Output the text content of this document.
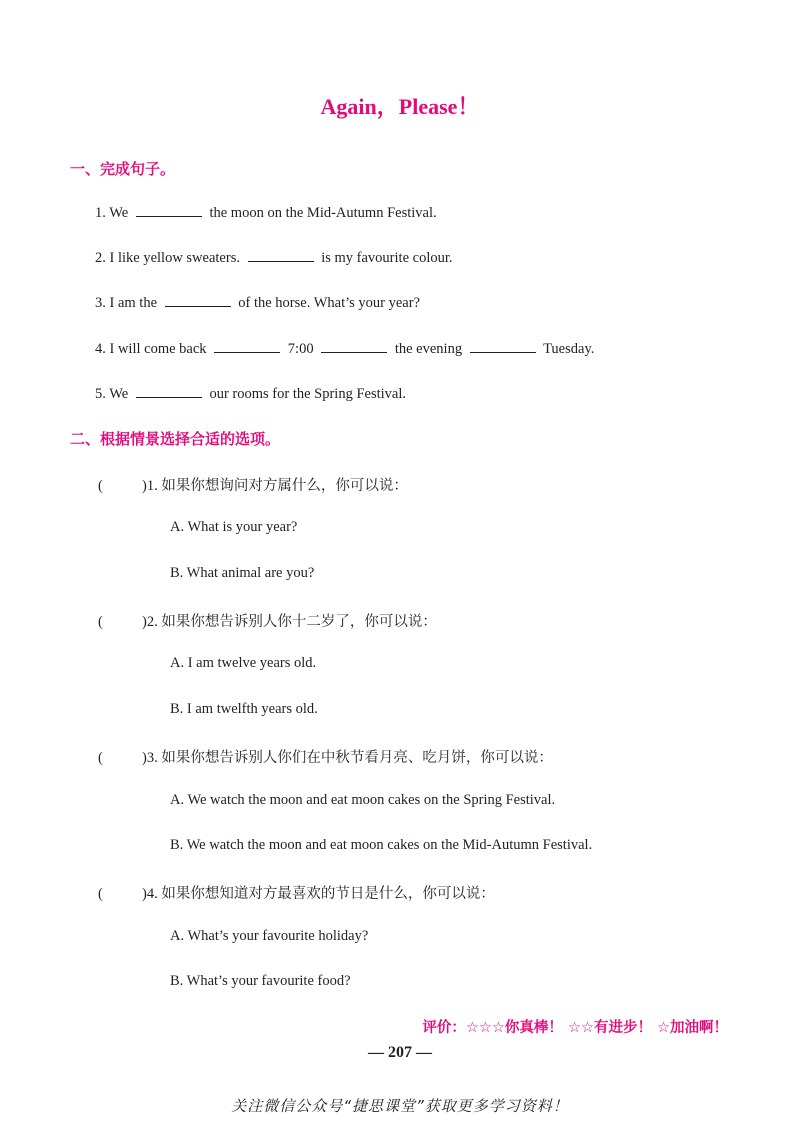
Again，Please！
一、完成句子。
1. We	the moon on the Mid-Autumn Festival.
2. I like yellow sweaters.	is my favourite colour.
3. I am the	of the horse. What’s your year?
4. I will come back	7:00	the evening	Tuesday.
5. We	our rooms for the Spring Festival.
二、根据情景选择合适的选项。
(	)1. 如果你想询问对方属什么，你可以说：
A. What is your year?
B. What animal are you?
(	)2. 如果你想告诉别人你十二岁了，你可以说：
A. I am twelve years old.
B. I am twelfth years old.
(	)3. 如果你想告诉别人你们在中秋节看月亮、吃月饼，你可以说：
A. We watch the moon and eat moon cakes on the Spring Festival.
B. We watch the moon and eat moon cakes on the Mid-Autumn Festival.
(	)4. 如果你想知道对方最喜欢的节日是什么，你可以说：
A. What’s your favourite holiday?
B. What’s your favourite food?
评价：☆☆☆你真棒！ ☆☆有进步！ ☆加油啊！
— 207 —
关注微信公众号“捷思课堂”获取更多学习资料！
